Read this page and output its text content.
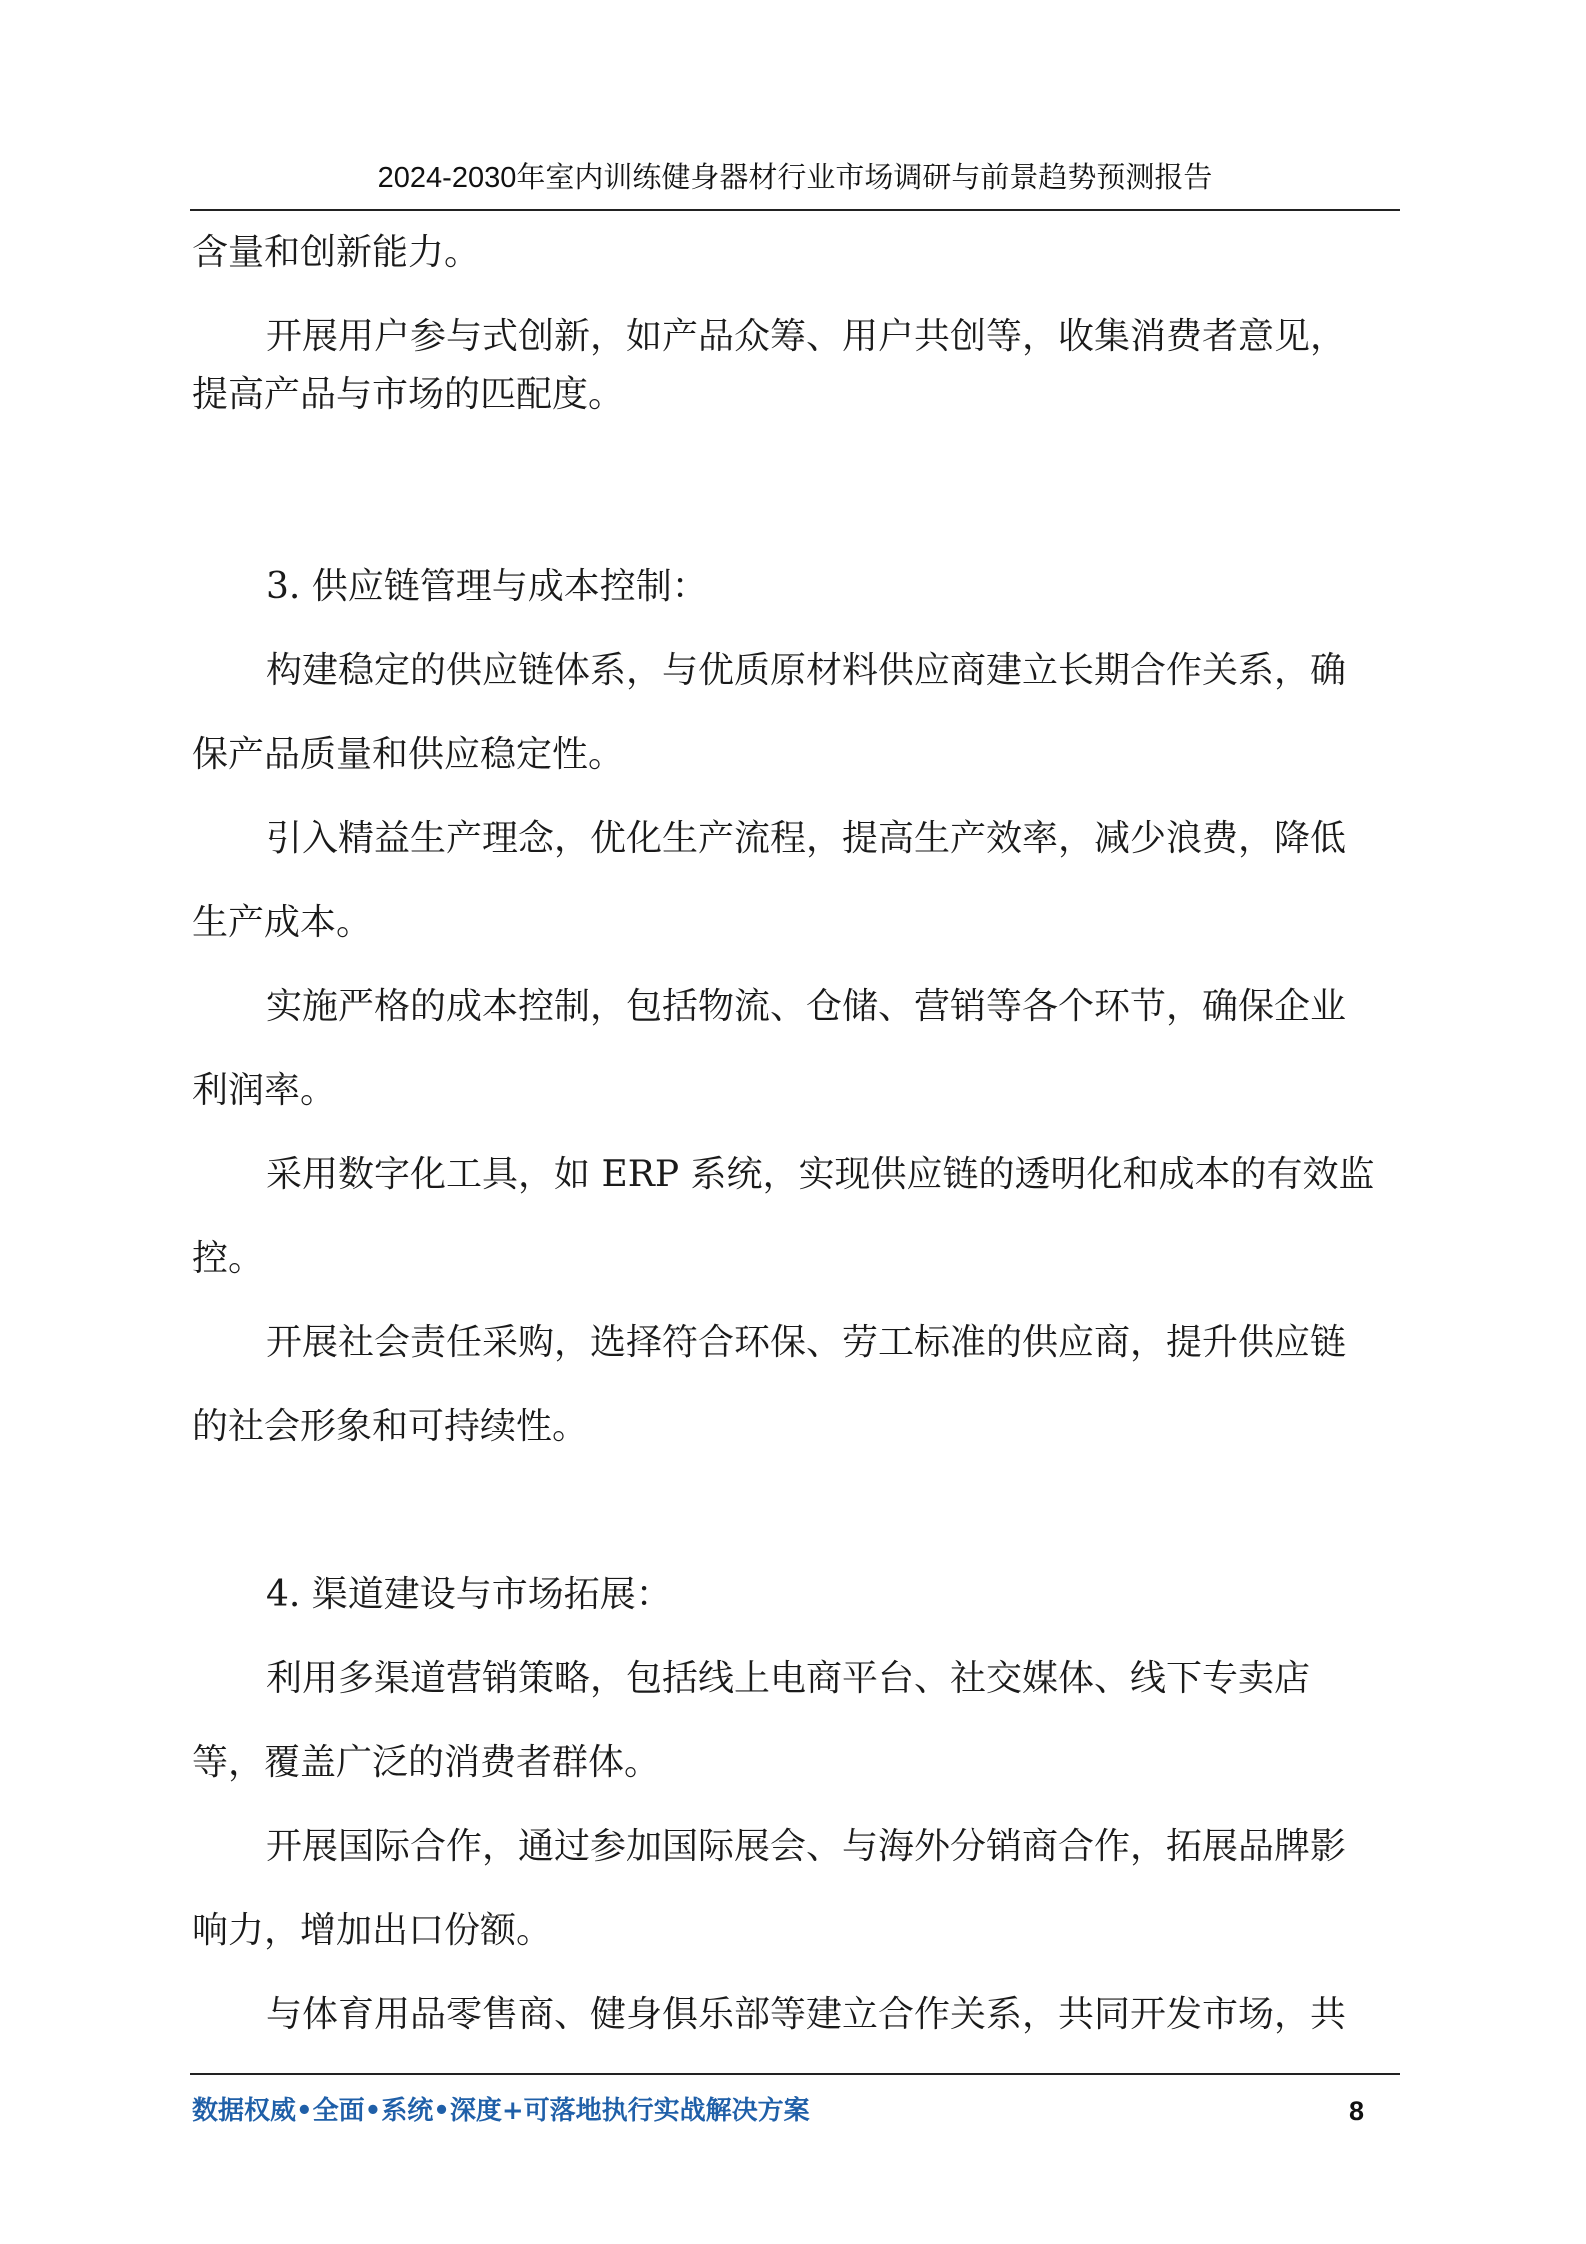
2024-2030年室内训练健身器材行业市场调研与前景趋势预测报告
含量和创新能力。
开展用户参与式创新，如产品众筹、用户共创等，收集消费者意见，
提高产品与市场的匹配度。
3. 供应链管理与成本控制：
构建稳定的供应链体系，与优质原材料供应商建立长期合作关系，确
保产品质量和供应稳定性。
引入精益生产理念，优化生产流程，提高生产效率，减少浪费，降低
生产成本。
实施严格的成本控制，包括物流、仓储、营销等各个环节，确保企业
利润率。
采用数字化工具，如 ERP 系统，实现供应链的透明化和成本的有效监
控。
开展社会责任采购，选择符合环保、劳工标准的供应商，提升供应链
的社会形象和可持续性。
4. 渠道建设与市场拓展：
利用多渠道营销策略，包括线上电商平台、社交媒体、线下专卖店
等，覆盖广泛的消费者群体。
开展国际合作，通过参加国际展会、与海外分销商合作，拓展品牌影
响力，增加出口份额。
与体育用品零售商、健身俱乐部等建立合作关系，共同开发市场，共
数据权威•全面•系统•深度+可落地执行实战解决方案	8
